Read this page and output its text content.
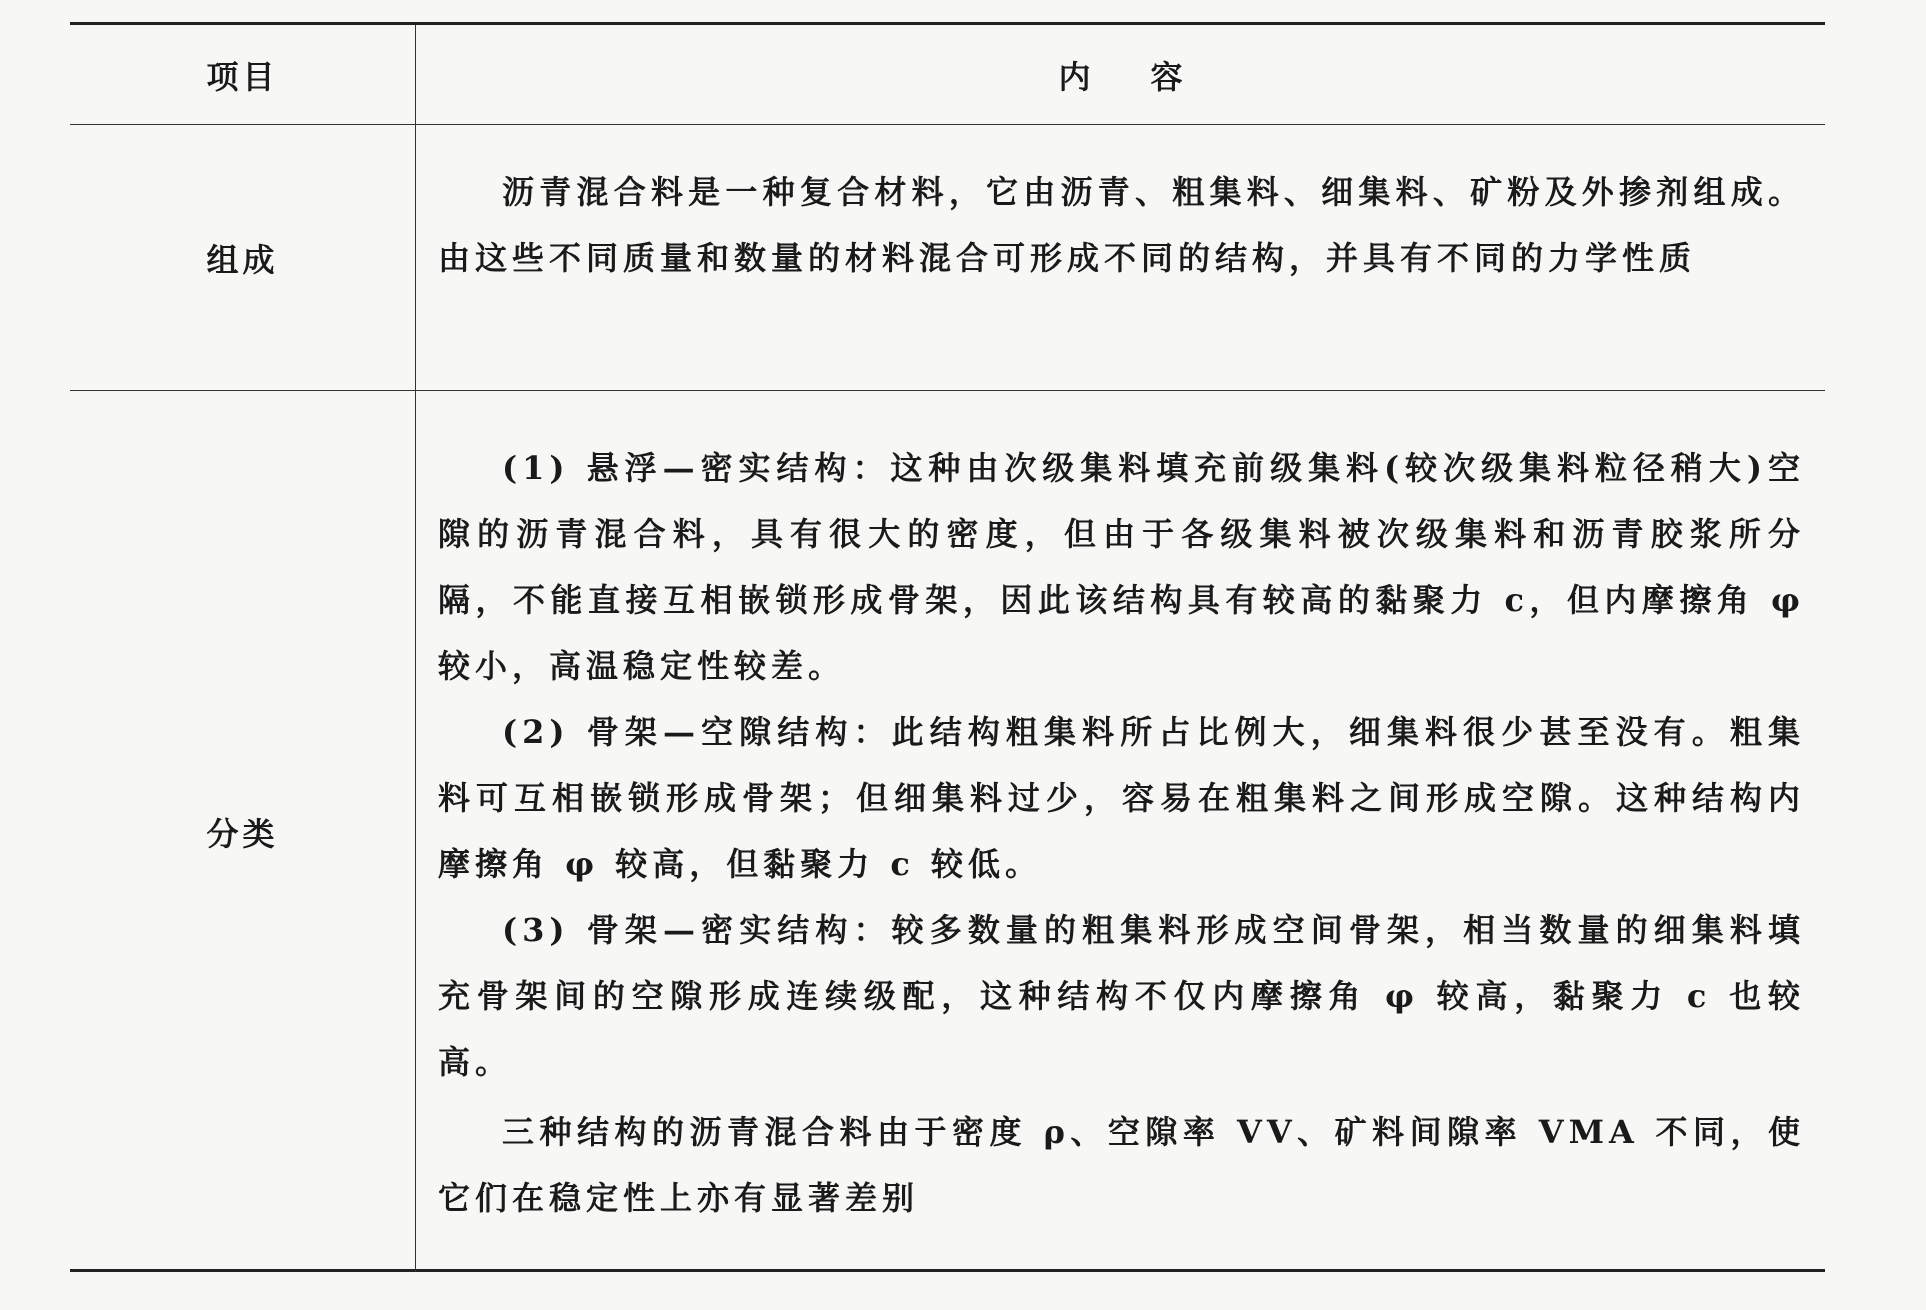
项目	内容
组成

沥青混合料是一种复合材料，它由沥青、粗集料、细集料、矿粉及外掺剂组成。由这些不同质量和数量的材料混合可形成不同的结构，并具有不同的力学性质

分类

(1) 悬浮—密实结构：这种由次级集料填充前级集料(较次级集料粒径稍大)空隙的沥青混合料，具有很大的密度，但由于各级集料被次级集料和沥青胶浆所分隔，不能直接互相嵌锁形成骨架，因此该结构具有较高的黏聚力 c，但内摩擦角 φ 较小，高温稳定性较差。

(2) 骨架—空隙结构：此结构粗集料所占比例大，细集料很少甚至没有。粗集料可互相嵌锁形成骨架；但细集料过少，容易在粗集料之间形成空隙。这种结构内摩擦角 φ 较高，但黏聚力 c 较低。

(3) 骨架—密实结构：较多数量的粗集料形成空间骨架，相当数量的细集料填充骨架间的空隙形成连续级配，这种结构不仅内摩擦角 φ 较高，黏聚力 c 也较高。

三种结构的沥青混合料由于密度 ρ、空隙率 VV、矿料间隙率 VMA 不同，使它们在稳定性上亦有显著差别
